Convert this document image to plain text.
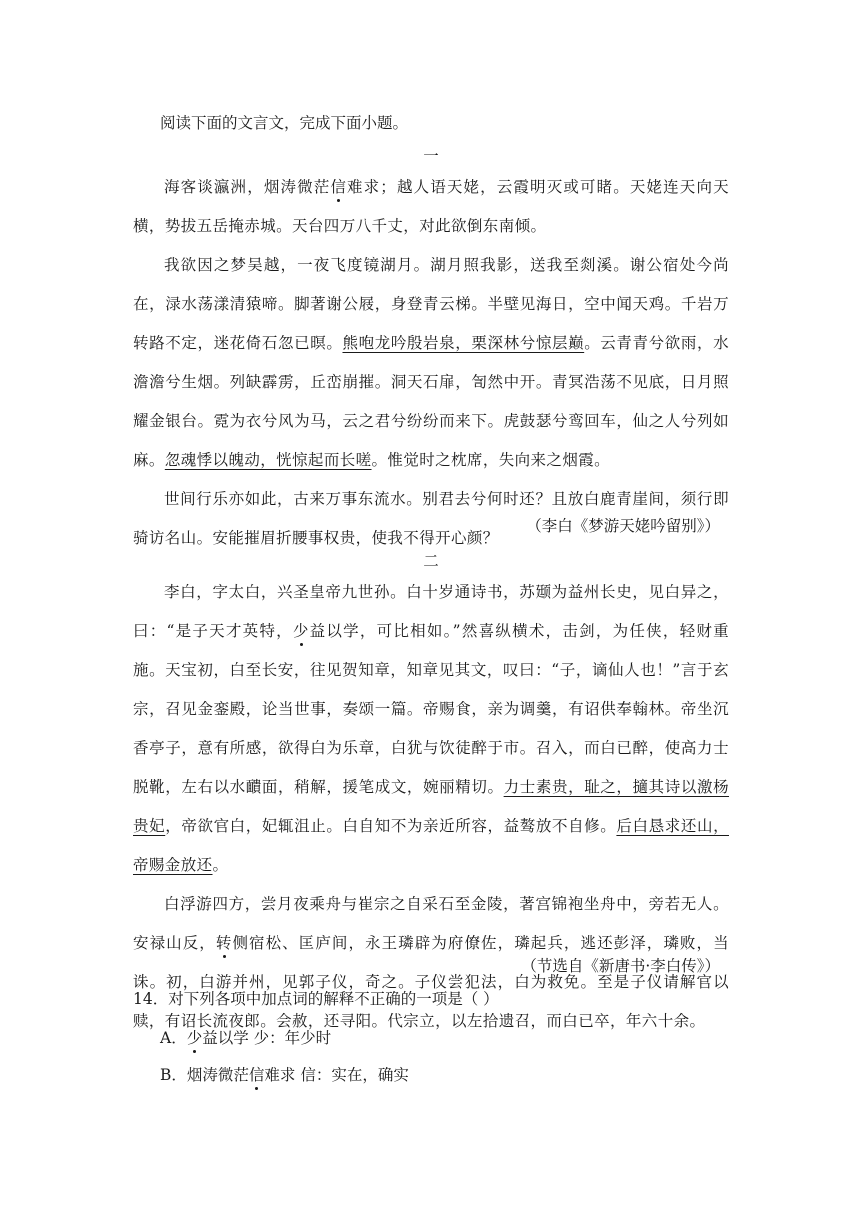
阅读下面的文言文，完成下面小题。
一

海客谈瀛洲，烟涛微茫信难求；越人语天姥，云霞明灭或可睹。天姥连天向天横，势拔五岳掩赤城。天台四万八千丈，对此欲倒东南倾。

我欲因之梦吴越，一夜飞度镜湖月。湖月照我影，送我至剡溪。谢公宿处今尚在，渌水荡漾清猿啼。脚著谢公屐，身登青云梯。半壁见海日，空中闻天鸡。千岩万转路不定，迷花倚石忽已暝。熊咆龙吟殷岩泉，栗深林兮惊层巅。云青青兮欲雨，水澹澹兮生烟。列缺霹雳，丘峦崩摧。洞天石扉，訇然中开。青冥浩荡不见底，日月照耀金银台。霓为衣兮风为马，云之君兮纷纷而来下。虎鼓瑟兮鸾回车，仙之人兮列如麻。忽魂悸以魄动，恍惊起而长嗟。惟觉时之枕席，失向来之烟霞。

世间行乐亦如此，古来万事东流水。别君去兮何时还？且放白鹿青崖间，须行即骑访名山。安能摧眉折腰事权贵，使我不得开心颜？

（李白《梦游天姥吟留别》）
二

李白，字太白，兴圣皇帝九世孙。白十岁通诗书，苏颋为益州长史，见白异之，曰：“是子天才英特，少益以学，可比相如。”然喜纵横术，击剑，为任侠，轻财重施。天宝初，白至长安，往见贺知章，知章见其文，叹曰：“子，谪仙人也！”言于玄宗，召见金銮殿，论当世事，奏颂一篇。帝赐食，亲为调羹，有诏供奉翰林。帝坐沉香亭子，意有所感，欲得白为乐章，白犹与饮徒醉于市。召入，而白已醉，使高力士脱靴，左右以水靧面，稍解，援笔成文，婉丽精切。力士素贵，耻之，擿其诗以激杨贵妃，帝欲官白，妃辄沮止。白自知不为亲近所容，益骜放不自修。后白恳求还山，帝赐金放还。

白浮游四方，尝月夜乘舟与崔宗之自采石至金陵，著宫锦袍坐舟中，旁若无人。安禄山反，转侧宿松、匡庐间，永王璘辟为府僚佐，璘起兵，逃还彭泽，璘败，当诛。初，白游并州，见郭子仪，奇之。子仪尝犯法，白为救免。至是子仪请解官以赎，有诏长流夜郎。会赦，还寻阳。代宗立，以左拾遗召，而白已卒，年六十余。

（节选自《新唐书·李白传》）
14．对下列各项中加点词的解释不正确的一项是（ ）
A．少益以学 少：年少时
B．烟涛微茫信难求 信：实在，确实
